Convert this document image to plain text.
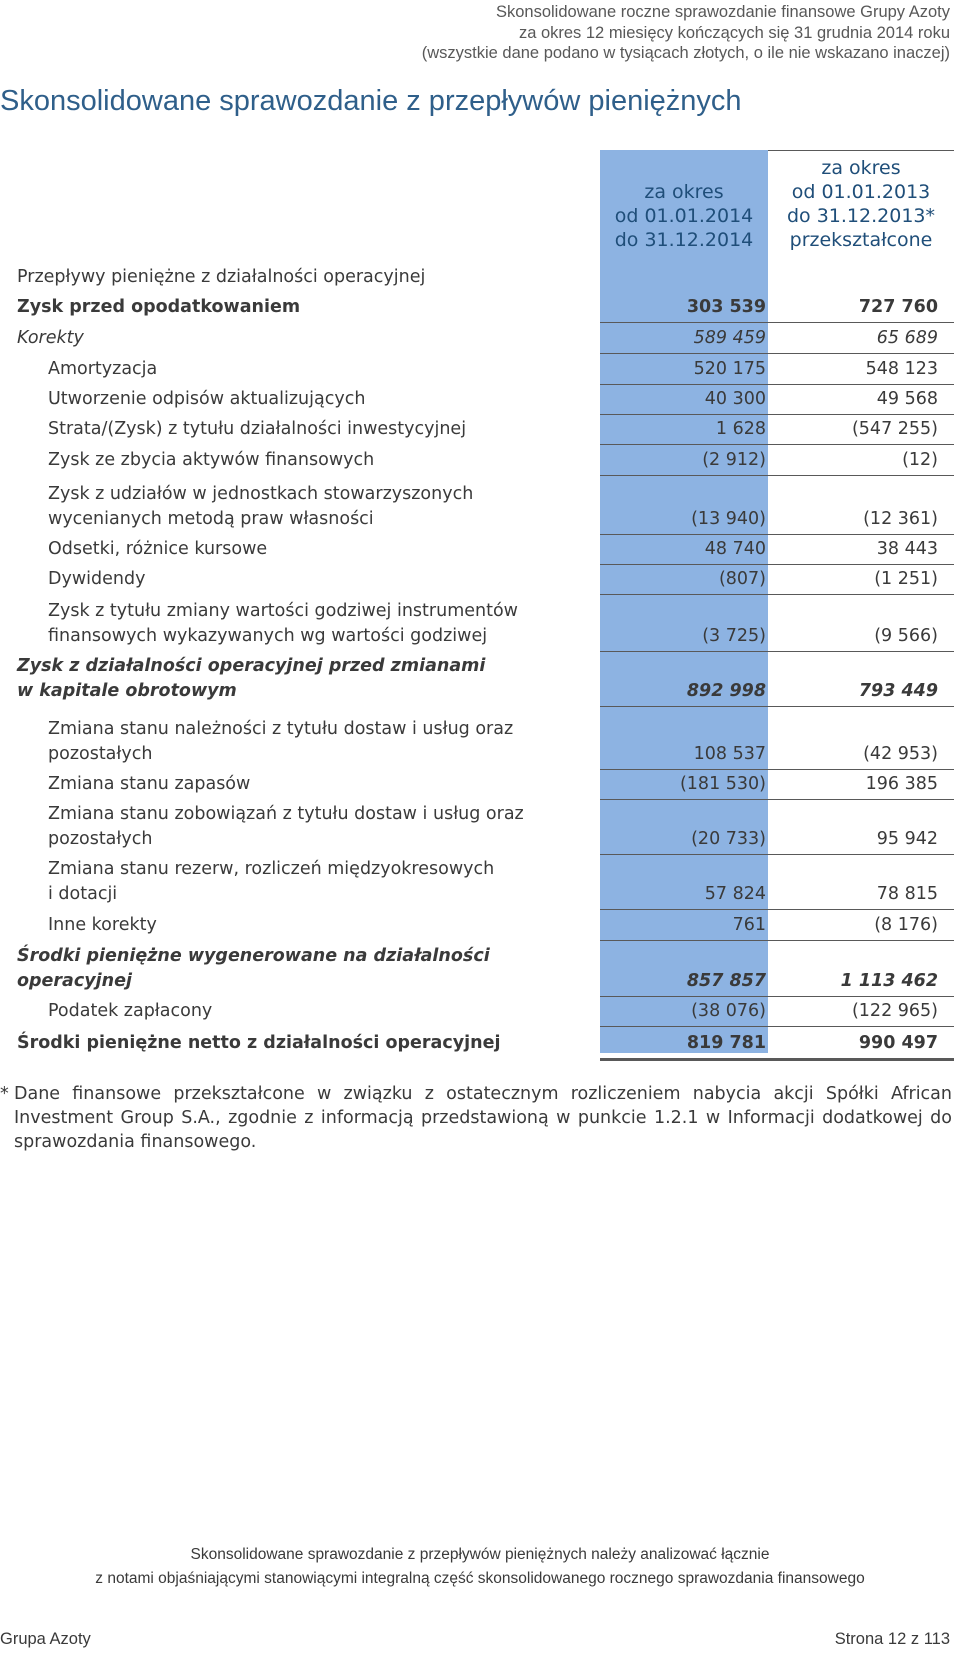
Skonsolidowane roczne sprawozdanie finansowe Grupy Azoty
za okres 12 miesięcy kończących się 31 grudnia 2014 roku
(wszystkie dane podano w tysiącach złotych, o ile nie wskazano inaczej)
Skonsolidowane sprawozdanie z przepływów pieniężnych
za okres
od 01.01.2014
do 31.12.2014
za okres
od 01.01.2013
do 31.12.2013*
przekształcone
Przepływy pieniężne z działalności operacyjnej
Zysk przed opodatkowaniem	303 539	727 760
Korekty	589 459	65 689
Amortyzacja	520 175	548 123
Utworzenie odpisów aktualizujących	40 300	49 568
Strata/(Zysk) z tytułu działalności inwestycyjnej	1 628	(547 255)
Zysk ze zbycia aktywów finansowych	(2 912)	(12)
Zysk z udziałów w jednostkach stowarzyszonych
wycenianych metodą praw własności	(13 940)	(12 361)
Odsetki, różnice kursowe	48 740	38 443
Dywidendy	(807)	(1 251)
Zysk z tytułu zmiany wartości godziwej instrumentów
finansowych wykazywanych wg wartości godziwej	(3 725)	(9 566)
Zysk z działalności operacyjnej przed zmianami
w kapitale obrotowym	892 998	793 449
Zmiana stanu należności z tytułu dostaw i usług oraz
pozostałych	108 537	(42 953)
Zmiana stanu zapasów	(181 530)	196 385
Zmiana stanu zobowiązań z tytułu dostaw i usług oraz
pozostałych	(20 733)	95 942
Zmiana stanu rezerw, rozliczeń międzyokresowych
i dotacji	57 824	78 815
Inne korekty	761	(8 176)
Środki pieniężne wygenerowane na działalności
operacyjnej	857 857	1 113 462
Podatek zapłacony	(38 076)	(122 965)
Środki pieniężne netto z działalności operacyjnej	819 781	990 497
* Dane finansowe przekształcone w związku z ostatecznym rozliczeniem nabycia akcji Spółki African Investment Group S.A., zgodnie z informacją przedstawioną w punkcie 1.2.1 w Informacji dodatkowej do sprawozdania finansowego.
Skonsolidowane sprawozdanie z przepływów pieniężnych należy analizować łącznie
z notami objaśniającymi stanowiącymi integralną część skonsolidowanego rocznego sprawozdania finansowego
Grupa Azoty	Strona 12 z 113
